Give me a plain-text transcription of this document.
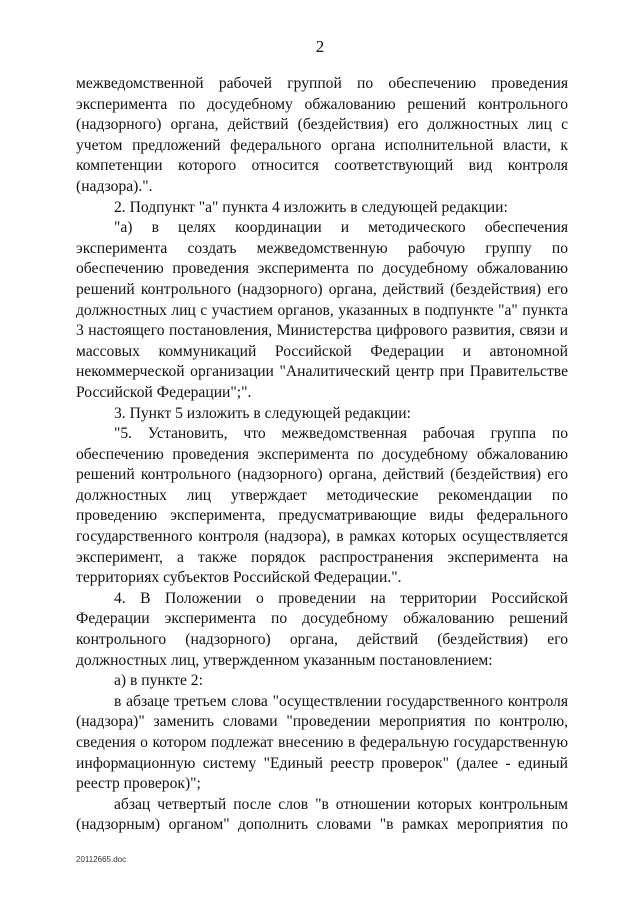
2

межведомственной рабочей группой по обеспечению проведения эксперимента по досудебному обжалованию решений контрольного (надзорного) органа, действий (бездействия) его должностных лиц с учетом предложений федерального органа исполнительной власти, к компетенции которого относится соответствующий вид контроля (надзора).".

2. Подпункт "а" пункта 4 изложить в следующей редакции:

"а) в целях координации и методического обеспечения эксперимента создать межведомственную рабочую группу по обеспечению проведения эксперимента по досудебному обжалованию решений контрольного (надзорного) органа, действий (бездействия) его должностных лиц с участием органов, указанных в подпункте "а" пункта 3 настоящего постановления, Министерства цифрового развития, связи и массовых коммуникаций Российской Федерации и автономной некоммерческой организации "Аналитический центр при Правительстве Российской Федерации";".

3. Пункт 5 изложить в следующей редакции:

"5. Установить, что межведомственная рабочая группа по обеспечению проведения эксперимента по досудебному обжалованию решений контрольного (надзорного) органа, действий (бездействия) его должностных лиц утверждает методические рекомендации по проведению эксперимента, предусматривающие виды федерального государственного контроля (надзора), в рамках которых осуществляется эксперимент, а также порядок распространения эксперимента на территориях субъектов Российской Федерации.".

4. В Положении о проведении на территории Российской Федерации эксперимента по досудебному обжалованию решений контрольного (надзорного) органа, действий (бездействия) его должностных лиц, утвержденном указанным постановлением:

а) в пункте 2:

в абзаце третьем слова "осуществлении государственного контроля (надзора)" заменить словами "проведении мероприятия по контролю, сведения о котором подлежат внесению в федеральную государственную информационную систему "Единый реестр проверок" (далее - единый реестр проверок)";

абзац четвертый после слов "в отношении которых контрольным (надзорным) органом" дополнить словами "в рамках мероприятия по

20112665.doc
